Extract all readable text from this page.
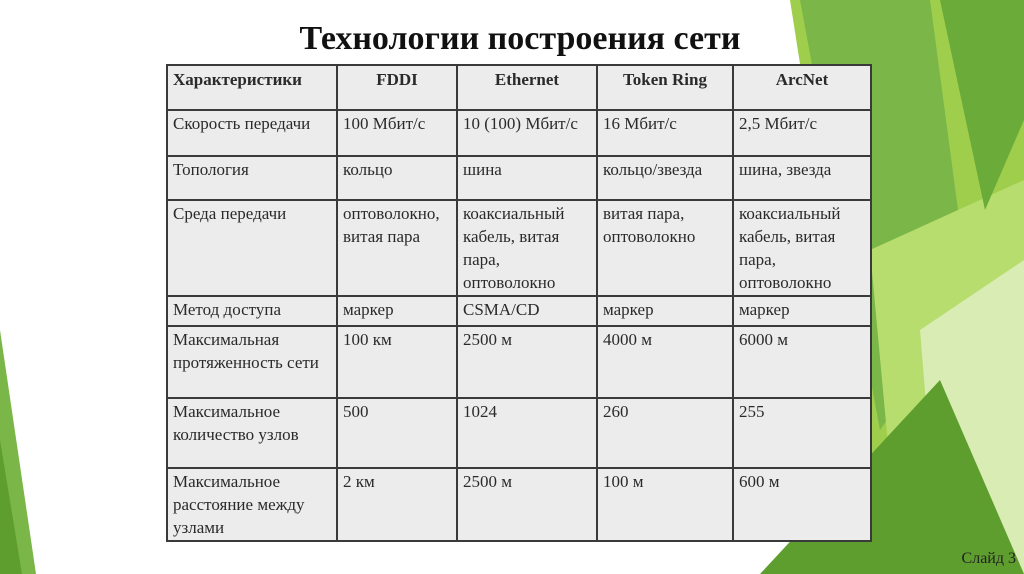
Технологии построения сети
Характеристики	FDDI	Ethernet	Token Ring	ArcNet
Скорость передачи	100 Мбит/с	10 (100) Мбит/с	16 Мбит/с	2,5 Мбит/с
Топология	кольцо	шина	кольцо/звезда	шина, звезда
Среда передачи	оптоволокно, витая пара	коаксиальный кабель, витая пара, оптоволокно	витая пара, оптоволокно	коаксиальный кабель, витая пара, оптоволокно
Метод доступа	маркер	CSMA/CD	маркер	маркер
Максимальная протяженность сети	100 км	2500 м	4000 м	6000 м
Максимальное количество узлов	500	1024	260	255
Максимальное расстояние между узлами	2 км	2500 м	100 м	600 м
Слайд 3
